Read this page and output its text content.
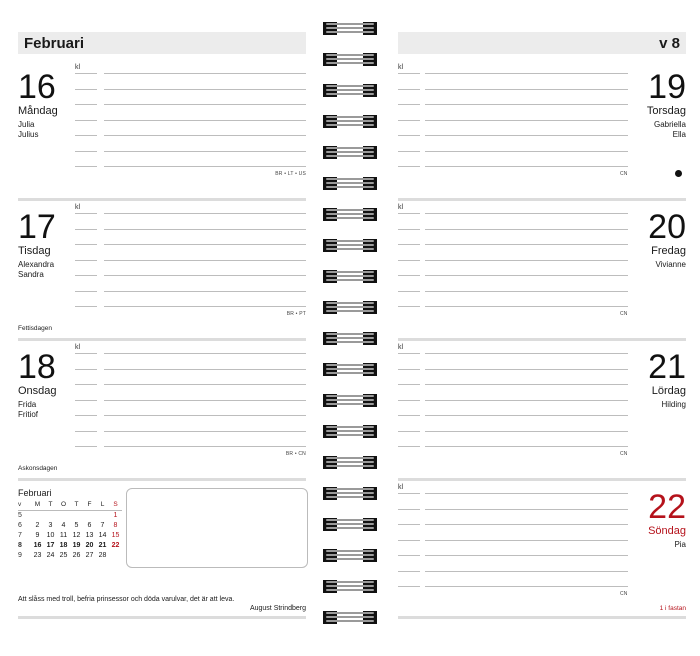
Februari	v 8
kl
16
Måndag
Julia
Julius
BR • LT • US
kl
17
Tisdag
Alexandra
Sandra
BR • PT
Fettisdagen
kl
18
Onsdag
Frida
Fritiof
BR • CN
Askonsdagen
kl
19
Torsdag
Gabriella
Ella
CN
kl
20
Fredag
Vivianne
CN
kl
21
Lördag
Hilding
CN
kl
22
Söndag
Pia
CN
1 i fastan
Februari
v	M	T	O	T	F	L	S
5							1
6	2	3	4	5	6	7	8
7	9	10	11	12	13	14	15
8	16	17	18	19	20	21	22
9	23	24	25	26	27	28	
Att slåss med troll, befria prinsessor och döda varulvar, det är att leva.
August Strindberg
